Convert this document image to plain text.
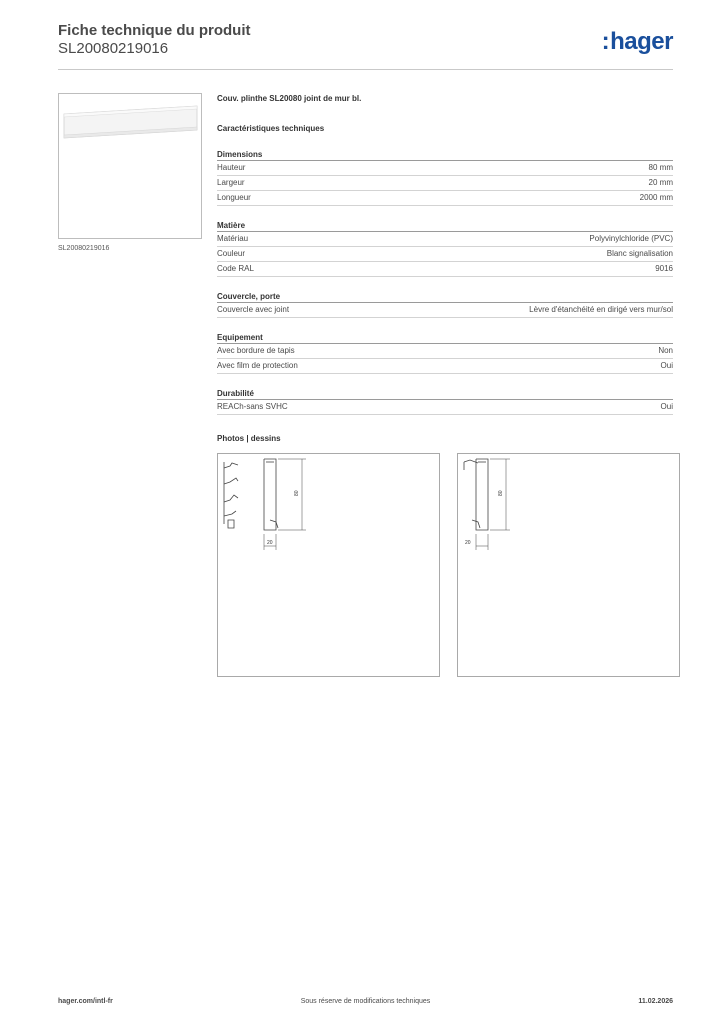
Fiche technique du produit
SL20080219016	:hager
SL20080219016
Couv. plinthe SL20080 joint de mur bl.
Caractéristiques techniques
Dimensions
Hauteur	80 mm
Largeur	20 mm
Longueur	2000 mm
Matière
Matériau	Polyvinylchloride (PVC)
Couleur	Blanc signalisation
Code RAL	9016
Couvercle, porte
Couvercle avec joint	Lèvre d'étanchéité en dirigé vers mur/sol
Equipement
Avec bordure de tapis	Non
Avec film de protection	Oui
Durabilité
REACh-sans SVHC	Oui
Photos | dessins
80
20
80
20
hager.com/intl-fr	Sous réserve de modifications techniques	11.02.2026
